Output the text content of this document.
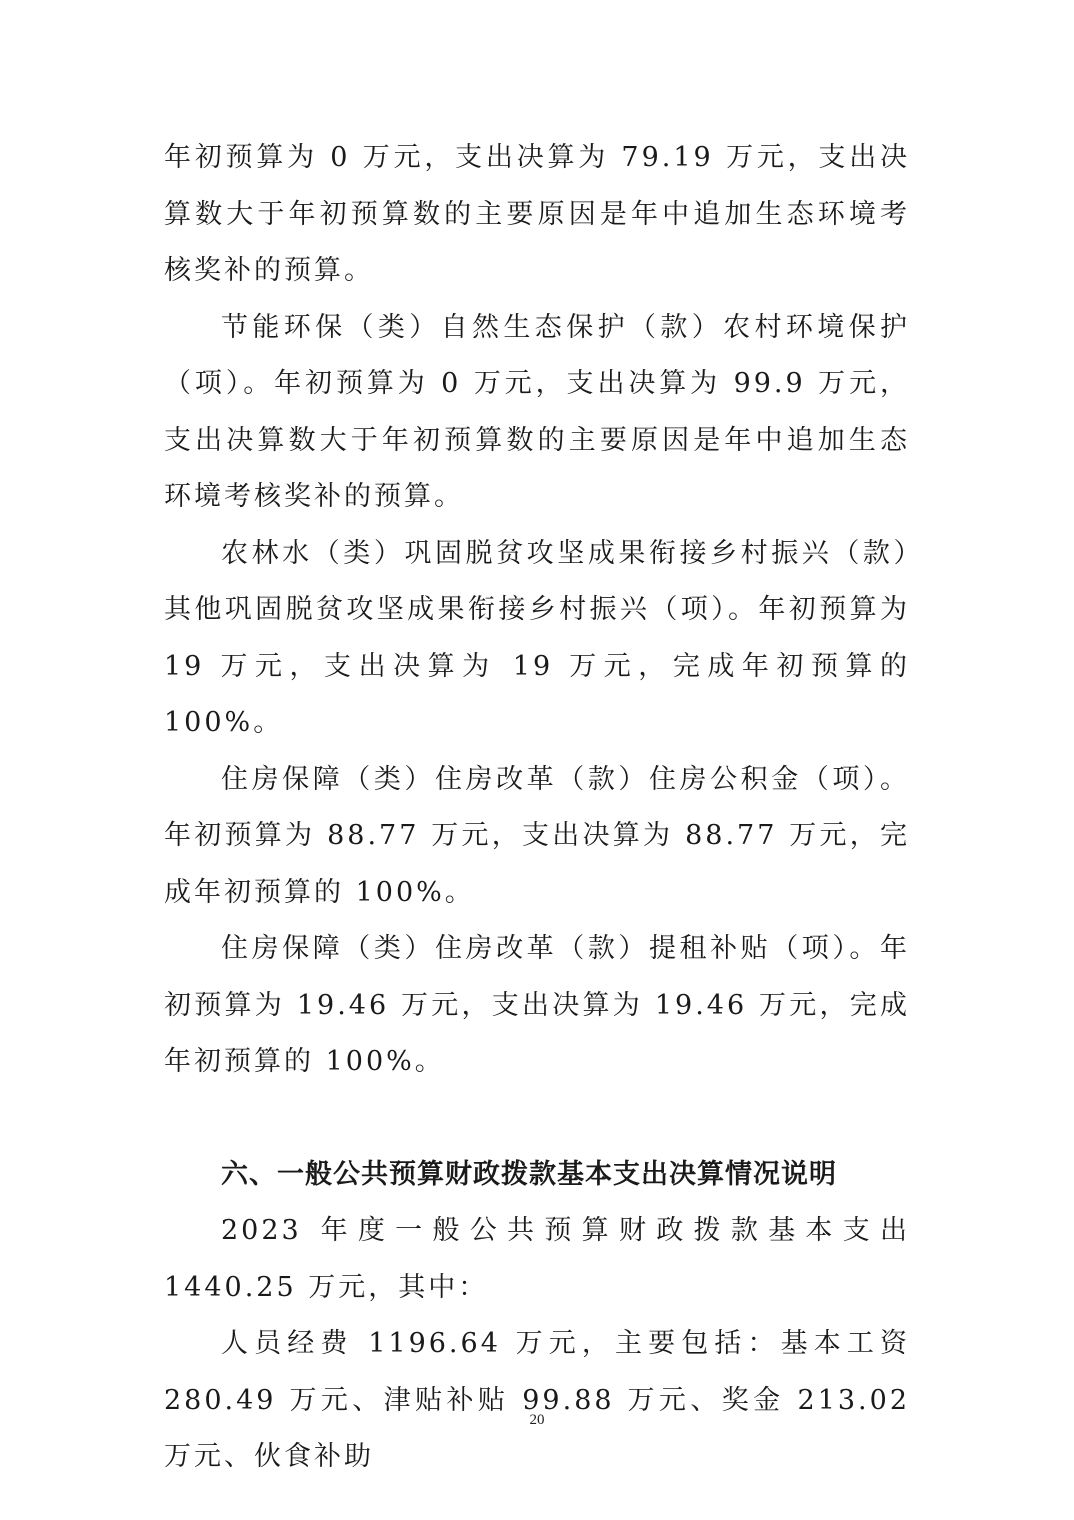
年初预算为 0 万元，支出决算为 79.19 万元，支出决算数大于年初预算数的主要原因是年中追加生态环境考核奖补的预算。

节能环保（类）自然生态保护（款）农村环境保护（项）。年初预算为 0 万元，支出决算为 99.9 万元，支出决算数大于年初预算数的主要原因是年中追加生态环境考核奖补的预算。

农林水（类）巩固脱贫攻坚成果衔接乡村振兴（款）其他巩固脱贫攻坚成果衔接乡村振兴（项）。年初预算为 19 万元，支出决算为 19 万元，完成年初预算的 100%。

住房保障（类）住房改革（款）住房公积金（项）。年初预算为 88.77 万元，支出决算为 88.77 万元，完成年初预算的 100%。

住房保障（类）住房改革（款）提租补贴（项）。年初预算为 19.46 万元，支出决算为 19.46 万元，完成年初预算的 100%。

六、一般公共预算财政拨款基本支出决算情况说明

2023 年度一般公共预算财政拨款基本支出 1440.25 万元，其中：

人员经费 1196.64 万元，主要包括：基本工资 280.49 万元、津贴补贴 99.88 万元、奖金 213.02 万元、伙食补助

20
